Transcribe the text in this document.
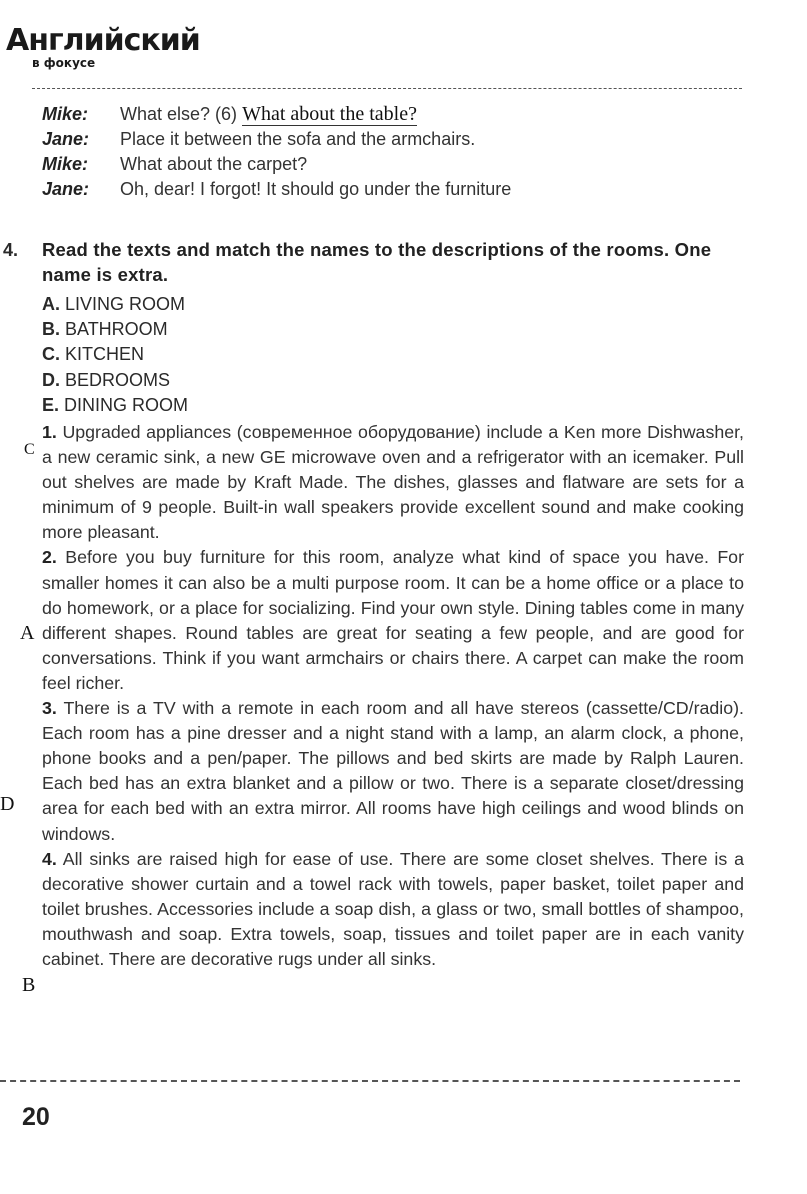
Английский
в фокусе
Mike:	What else? (6) What about the table?
Jane:	Place it between the sofa and the armchairs.
Mike:	What about the carpet?
Jane:	Oh, dear! I forgot! It should go under the furniture
4. Read the texts and match the names to the descriptions of the rooms. One name is extra.
A. LIVING ROOM
B. BATHROOM
C. KITCHEN
D. BEDROOMS
E. DINING ROOM

1. Upgraded appliances (современное оборудование) include a Ken more Dishwasher, a new ceramic sink, a new GE microwave oven and a refrigerator with an icemaker. Pull out shelves are made by Kraft Made. The dishes, glasses and flatware are sets for a minimum of 9 people. Built-in wall speakers provide excellent sound and make cooking more pleasant.

2. Before you buy furniture for this room, analyze what kind of space you have. For smaller homes it can also be a multi purpose room. It can be a home office or a place to do homework, or a place for socializing. Find your own style. Dining tables come in many different shapes. Round tables are great for seating a few people, and are good for conversations. Think if you want armchairs or chairs there. A carpet can make the room feel richer.

3. There is a TV with a remote in each room and all have stereos (cassette/CD/radio). Each room has a pine dresser and a night stand with a lamp, an alarm clock, a phone, phone books and a pen/paper. The pillows and bed skirts are made by Ralph Lauren. Each bed has an extra blanket and a pillow or two. There is a separate closet/dressing area for each bed with an extra mirror. All rooms have high ceilings and wood blinds on windows.

4. All sinks are raised high for ease of use. There are some closet shelves. There is a decorative shower curtain and a towel rack with towels, paper basket, toilet paper and toilet brushes. Accessories include a soap dish, a glass or two, small bottles of shampoo, mouthwash and soap. Extra towels, soap, tissues and toilet paper are in each vanity cabinet. There are decorative rugs under all sinks.

C
A
D
B
20
